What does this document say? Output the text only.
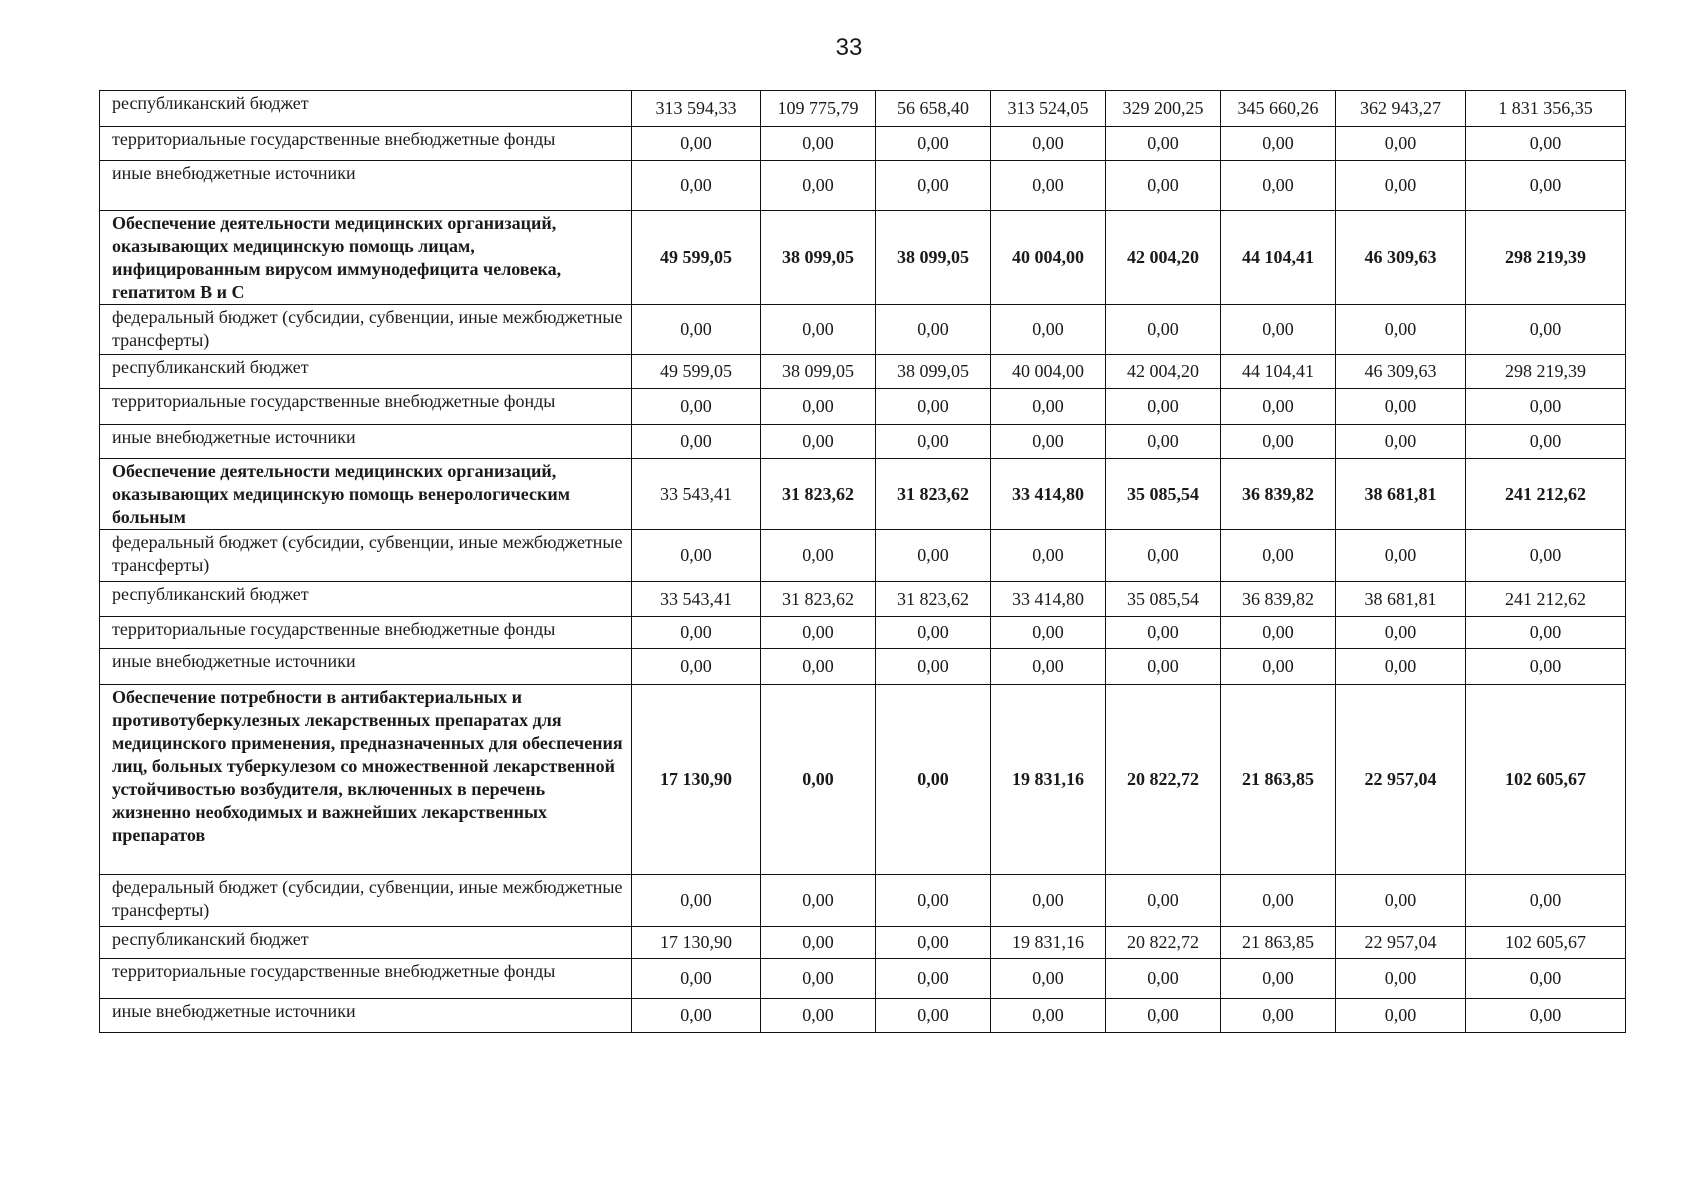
33
республиканский бюджет	313 594,33	109 775,79	56 658,40	313 524,05	329 200,25	345 660,26	362 943,27	1 831 356,35
территориальные государственные внебюджетные фонды	0,00	0,00	0,00	0,00	0,00	0,00	0,00	0,00
иные внебюджетные источники	0,00	0,00	0,00	0,00	0,00	0,00	0,00	0,00
Обеспечение деятельности медицинских организаций, оказывающих медицинскую помощь лицам, инфицированным вирусом иммунодефицита человека, гепатитом В и С	49 599,05	38 099,05	38 099,05	40 004,00	42 004,20	44 104,41	46 309,63	298 219,39
федеральный бюджет (субсидии, субвенции, иные межбюджетные трансферты)	0,00	0,00	0,00	0,00	0,00	0,00	0,00	0,00
республиканский бюджет	49 599,05	38 099,05	38 099,05	40 004,00	42 004,20	44 104,41	46 309,63	298 219,39
территориальные государственные внебюджетные фонды	0,00	0,00	0,00	0,00	0,00	0,00	0,00	0,00
иные внебюджетные источники	0,00	0,00	0,00	0,00	0,00	0,00	0,00	0,00
Обеспечение деятельности медицинских организаций, оказывающих медицинскую помощь венерологическим больным	33 543,41	31 823,62	31 823,62	33 414,80	35 085,54	36 839,82	38 681,81	241 212,62
федеральный бюджет (субсидии, субвенции, иные межбюджетные трансферты)	0,00	0,00	0,00	0,00	0,00	0,00	0,00	0,00
республиканский бюджет	33 543,41	31 823,62	31 823,62	33 414,80	35 085,54	36 839,82	38 681,81	241 212,62
территориальные государственные внебюджетные фонды	0,00	0,00	0,00	0,00	0,00	0,00	0,00	0,00
иные внебюджетные источники	0,00	0,00	0,00	0,00	0,00	0,00	0,00	0,00
Обеспечение потребности в антибактериальных и противотуберкулезных лекарственных препаратах для медицинского применения, предназначенных для обеспечения лиц, больных туберкулезом со множественной лекарственной устойчивостью возбудителя, включенных в перечень жизненно необходимых и важнейших лекарственных препаратов	17 130,90	0,00	0,00	19 831,16	20 822,72	21 863,85	22 957,04	102 605,67
федеральный бюджет (субсидии, субвенции, иные межбюджетные трансферты)	0,00	0,00	0,00	0,00	0,00	0,00	0,00	0,00
республиканский бюджет	17 130,90	0,00	0,00	19 831,16	20 822,72	21 863,85	22 957,04	102 605,67
территориальные государственные внебюджетные фонды	0,00	0,00	0,00	0,00	0,00	0,00	0,00	0,00
иные внебюджетные источники	0,00	0,00	0,00	0,00	0,00	0,00	0,00	0,00
